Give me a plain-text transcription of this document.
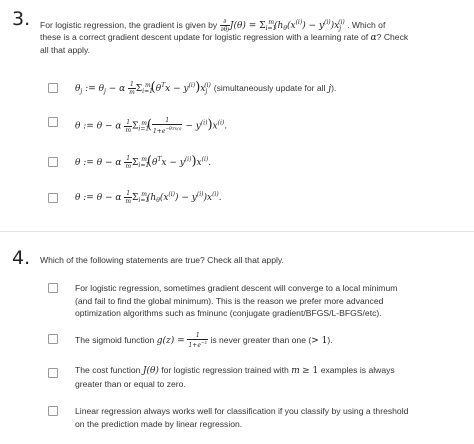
3. For logistic regression, the gradient is given by $\frac{\partial}{\partial\theta j} J(\theta) = \Sigma_{i=1}^m(h_\theta(x^{(i)}) - y^{(i)})x_j^{(i)}$ . Which of
these is a correct gradient descent update for logistic regression with a learning rate of α? Check
all that apply.
$\theta_j$ := $\theta_j - \alpha \frac{1}{m} \Sigma_{i=1}^m(\theta^Tx - y^{(i)})x_j^{(i)}$ (simultaneously update for all j).
θ := θ − α $\frac{1}{m} \Sigma_{i=1}^m( \frac{1}{1+e^{-\theta Tx(i)}} - y^{(i)})x^{(i)}$.
θ := θ − α $\frac{1}{m} \Sigma_{i=1}^m(\theta^Tx - y^{(i)})x^{(i)}$.
θ := θ − α $\frac{1}{m} \Sigma_{i=1}^m(h_\theta(x^{(i)}) - y^{(i)})x^{(i)}$.
4. Which of the following statements are true? Check all that apply.
For logistic regression, sometimes gradient descent will converge to a local minimum
(and fail to find the global minimum). This is the reason we prefer more advanced
optimization algorithms such as fminunc (conjugate gradient/BFGS/L-BFGS/etc).
The sigmoid function $g(z) = \frac{1}{1+e^{-z}}$ is never greater than one (> 1).
The cost function J(θ) for logistic regression trained with m ≥ 1 examples is always
greater than or equal to zero.
Linear regression always works well for classification if you classify by using a threshold
on the prediction made by linear regression.
